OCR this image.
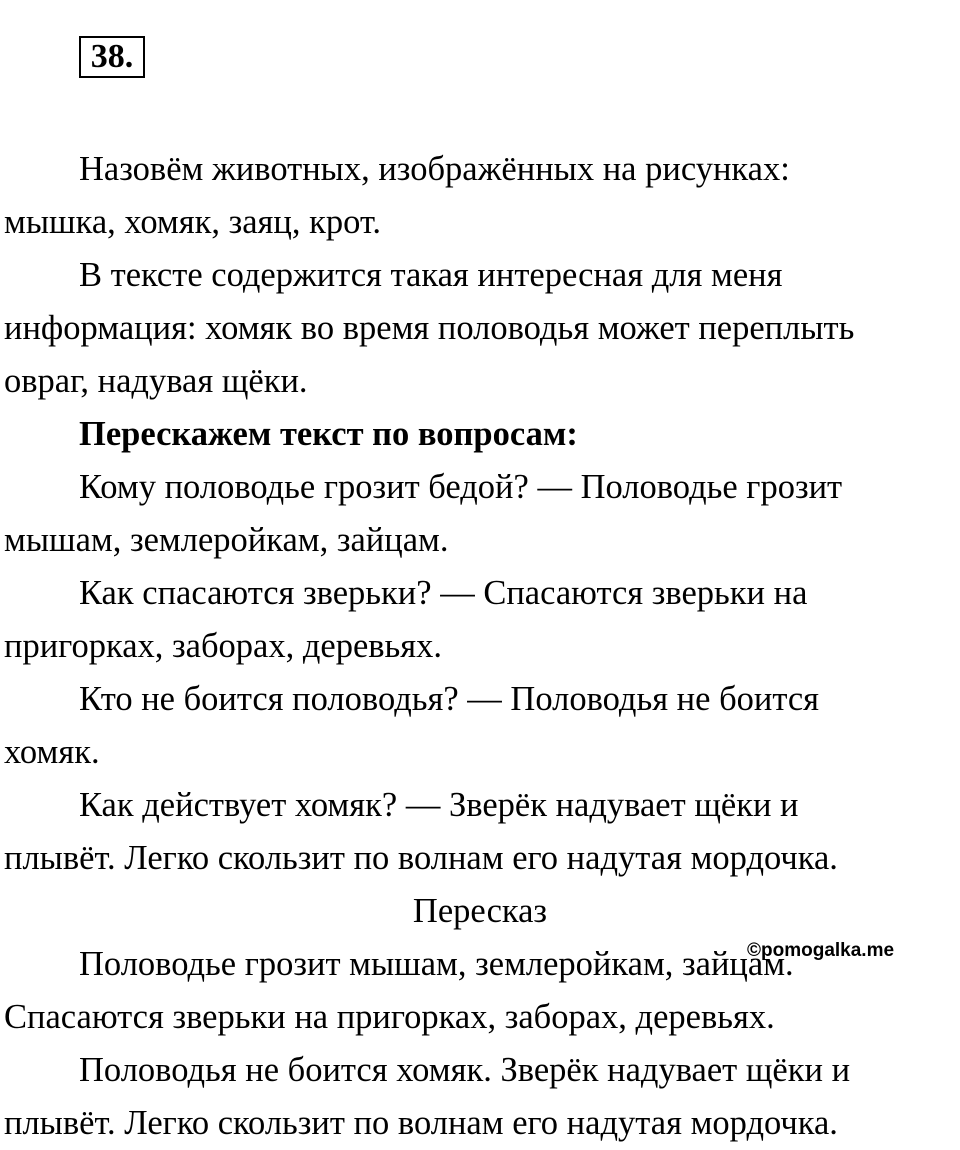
38.

Назовём животных, изображённых на рисунках:
мышка, хомяк, заяц, крот.

В тексте содержится такая интересная для меня
информация: хомяк во время половодья может переплыть
овраг, надувая щёки.

Перескажем текст по вопросам:

Кому половодье грозит бедой? — Половодье грозит
мышам, землеройкам, зайцам.

Как спасаются зверьки? — Спасаются зверьки на
пригорках, заборах, деревьях.

Кто не боится половодья? — Половодья не боится
хомяк.

Как действует хомяк? — Зверёк надувает щёки и
плывёт. Легко скользит по волнам его надутая мордочка.

Пересказ

Половодье грозит мышам, землеройкам, зайцам.
Спасаются зверьки на пригорках, заборах, деревьях.

Половодья не боится хомяк. Зверёк надувает щёки и
плывёт. Легко скользит по волнам его надутая мордочка.

©pomogalka.me
